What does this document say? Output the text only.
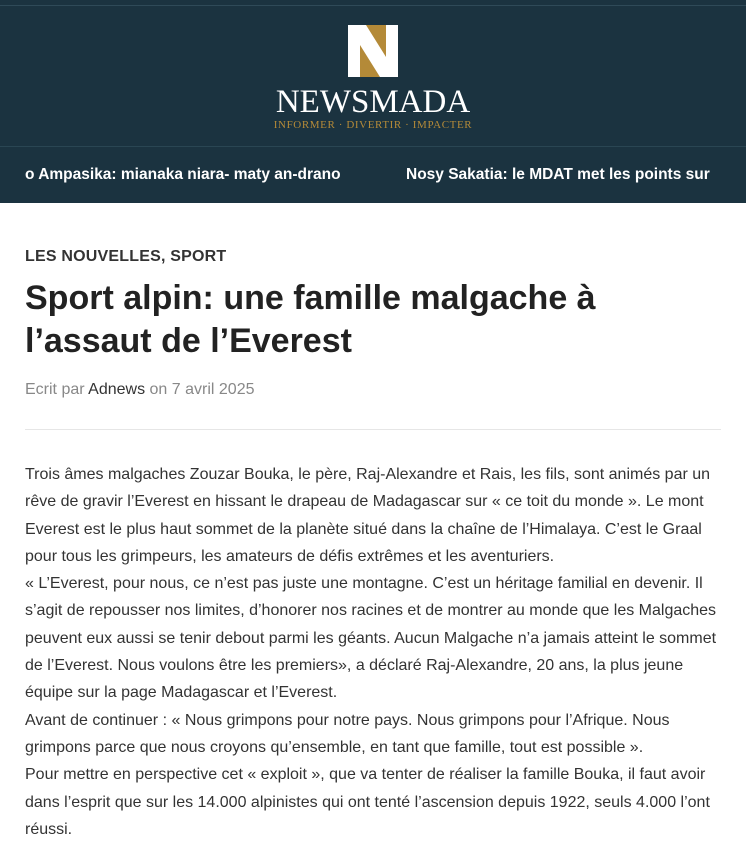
NEWSMADA
INFORMER · DIVERTIR · IMPACTER
o Ampasika: mianaka niara- maty an-drano	Nosy Sakatia: le MDAT met les points sur
LES NOUVELLES, SPORT
Sport alpin: une famille malgache à l’assaut de l’Everest
Ecrit par Adnews on 7 avril 2025

Trois âmes malgaches Zouzar Bouka, le père, Raj-Alexandre et Rais, les fils, sont animés par un rêve de gravir l’Everest en hissant le drapeau de Madagascar sur « ce toit du monde ». Le mont Everest est le plus haut sommet de la planète situé dans la chaîne de l’Himalaya. C’est le Graal pour tous les grimpeurs, les amateurs de défis extrêmes et les aventuriers.

« L’Everest, pour nous, ce n’est pas juste une montagne. C’est un héritage familial en devenir. Il s’agit de repousser nos limites, d’honorer nos racines et de montrer au monde que les Malgaches peuvent eux aussi se tenir debout parmi les géants. Aucun Malgache n’a jamais atteint le sommet de l’Everest. Nous voulons être les premiers», a déclaré Raj-Alexandre, 20 ans, la plus jeune équipe sur la page Madagascar et l’Everest.

Avant de continuer : « Nous grimpons pour notre pays. Nous grimpons pour l’Afrique. Nous grimpons parce que nous croyons qu’ensemble, en tant que famille, tout est possible ».

Pour mettre en perspective cet « exploit », que va tenter de réaliser la famille Bouka, il faut avoir dans l’esprit que sur les 14.000 alpinistes qui ont tenté l’ascension depuis 1922, seuls 4.000 l’ont réussi.
